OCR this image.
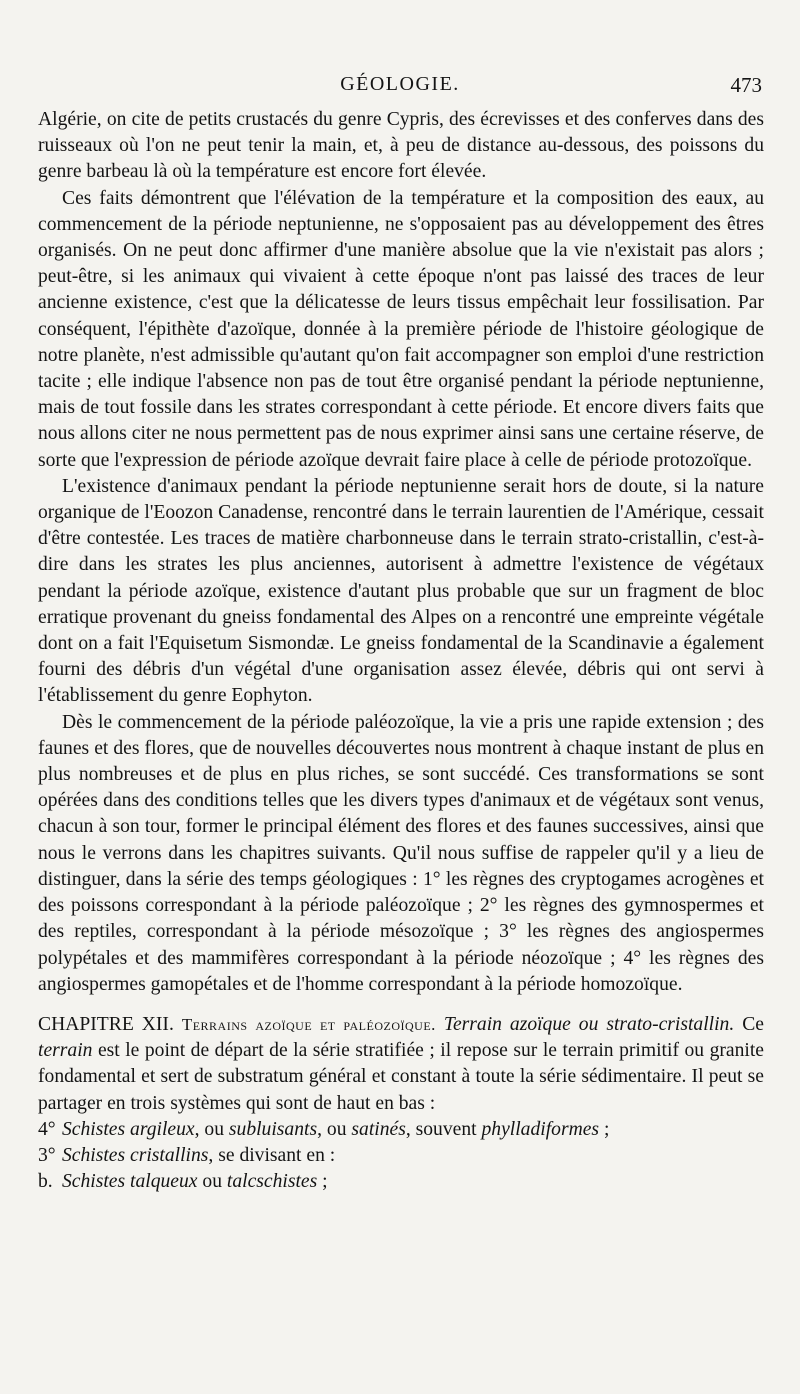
GÉOLOGIE.	473

Algérie, on cite de petits crustacés du genre Cypris, des écrevisses et des conferves dans des ruisseaux où l'on ne peut tenir la main, et, à peu de distance au-dessous, des poissons du genre barbeau là où la température est encore fort élevée.

Ces faits démontrent que l'élévation de la température et la composition des eaux, au commencement de la période neptunienne, ne s'opposaient pas au développement des êtres organisés. On ne peut donc affirmer d'une manière absolue que la vie n'existait pas alors ; peut-être, si les animaux qui vivaient à cette époque n'ont pas laissé des traces de leur ancienne existence, c'est que la délicatesse de leurs tissus empêchait leur fossilisation. Par conséquent, l'épithète d'azoïque, donnée à la première période de l'histoire géologique de notre planète, n'est admissible qu'autant qu'on fait accompagner son emploi d'une restriction tacite ; elle indique l'absence non pas de tout être organisé pendant la période neptunienne, mais de tout fossile dans les strates correspondant à cette période. Et encore divers faits que nous allons citer ne nous permettent pas de nous exprimer ainsi sans une certaine réserve, de sorte que l'expression de période azoïque devrait faire place à celle de période protozoïque.

L'existence d'animaux pendant la période neptunienne serait hors de doute, si la nature organique de l'Eoozon Canadense, rencontré dans le terrain laurentien de l'Amérique, cessait d'être contestée. Les traces de matière charbonneuse dans le terrain strato-cristallin, c'est-à-dire dans les strates les plus anciennes, autorisent à admettre l'existence de végétaux pendant la période azoïque, existence d'autant plus probable que sur un fragment de bloc erratique provenant du gneiss fondamental des Alpes on a rencontré une empreinte végétale dont on a fait l'Equisetum Sismondæ. Le gneiss fondamental de la Scandinavie a également fourni des débris d'un végétal d'une organisation assez élevée, débris qui ont servi à l'établissement du genre Eophyton.

Dès le commencement de la période paléozoïque, la vie a pris une rapide extension ; des faunes et des flores, que de nouvelles découvertes nous montrent à chaque instant de plus en plus nombreuses et de plus en plus riches, se sont succédé. Ces transformations se sont opérées dans des conditions telles que les divers types d'animaux et de végétaux sont venus, chacun à son tour, former le principal élément des flores et des faunes successives, ainsi que nous le verrons dans les chapitres suivants. Qu'il nous suffise de rappeler qu'il y a lieu de distinguer, dans la série des temps géologiques : 1° les règnes des cryptogames acrogènes et des poissons correspondant à la période paléozoïque ; 2° les règnes des gymnospermes et des reptiles, correspondant à la période mésozoïque ; 3° les règnes des angiospermes polypétales et des mammifères correspondant à la période néozoïque ; 4° les règnes des angiospermes gamopétales et de l'homme correspondant à la période homozoïque.

CHAPITRE XII. Terrains azoïque et paléozoïque. Terrain azoïque ou strato-cristallin. Ce terrain est le point de départ de la série stratifiée ; il repose sur le terrain primitif ou granite fondamental et sert de substratum général et constant à toute la série sédimentaire. Il peut se partager en trois systèmes qui sont de haut en bas :

4° Schistes argileux, ou subluisants, ou satinés, souvent phylladiformes ;
3° Schistes cristallins, se divisant en :
b. Schistes talqueux ou talcschistes ;
